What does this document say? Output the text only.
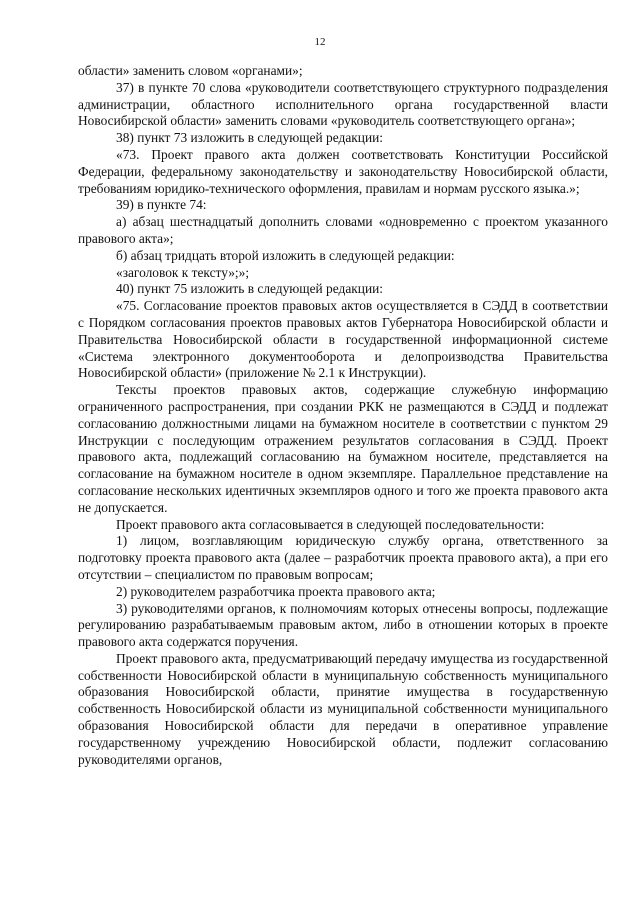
12

области» заменить словом «органами»;

37) в пункте 70 слова «руководители соответствующего структурного подразделения администрации, областного исполнительного органа государственной власти Новосибирской области» заменить словами «руководитель соответствующего органа»;

38) пункт 73 изложить в следующей редакции:

«73. Проект правого акта должен соответствовать Конституции Российской Федерации, федеральному законодательству и законодательству Новосибирской области, требованиям юридико-технического оформления, правилам и нормам русского языка.»;

39) в пункте 74:

а) абзац шестнадцатый дополнить словами «одновременно с проектом указанного правового акта»;

б) абзац тридцать второй изложить в следующей редакции:

«заголовок к тексту»;»;

40) пункт 75 изложить в следующей редакции:

«75. Согласование проектов правовых актов осуществляется в СЭДД в соответствии с Порядком согласования проектов правовых актов Губернатора Новосибирской области и Правительства Новосибирской области в государственной информационной системе «Система электронного документооборота и делопроизводства Правительства Новосибирской области» (приложение № 2.1 к Инструкции).

Тексты проектов правовых актов, содержащие служебную информацию ограниченного распространения, при создании РКК не размещаются в СЭДД и подлежат согласованию должностными лицами на бумажном носителе в соответствии с пунктом 29 Инструкции с последующим отражением результатов согласования в СЭДД. Проект правового акта, подлежащий согласованию на бумажном носителе, представляется на согласование на бумажном носителе в одном экземпляре. Параллельное представление на согласование нескольких идентичных экземпляров одного и того же проекта правового акта не допускается.

Проект правового акта согласовывается в следующей последовательности:

1) лицом, возглавляющим юридическую службу органа, ответственного за подготовку проекта правового акта (далее – разработчик проекта правового акта), а при его отсутствии – специалистом по правовым вопросам;

2) руководителем разработчика проекта правового акта;

3) руководителями органов, к полномочиям которых отнесены вопросы, подлежащие регулированию разрабатываемым правовым актом, либо в отношении которых в проекте правового акта содержатся поручения.

Проект правового акта, предусматривающий передачу имущества из государственной собственности Новосибирской области в муниципальную собственность муниципального образования Новосибирской области, принятие имущества в государственную собственность Новосибирской области из муниципальной собственности муниципального образования Новосибирской области для передачи в оперативное управление государственному учреждению Новосибирской области, подлежит согласованию руководителями органов,
